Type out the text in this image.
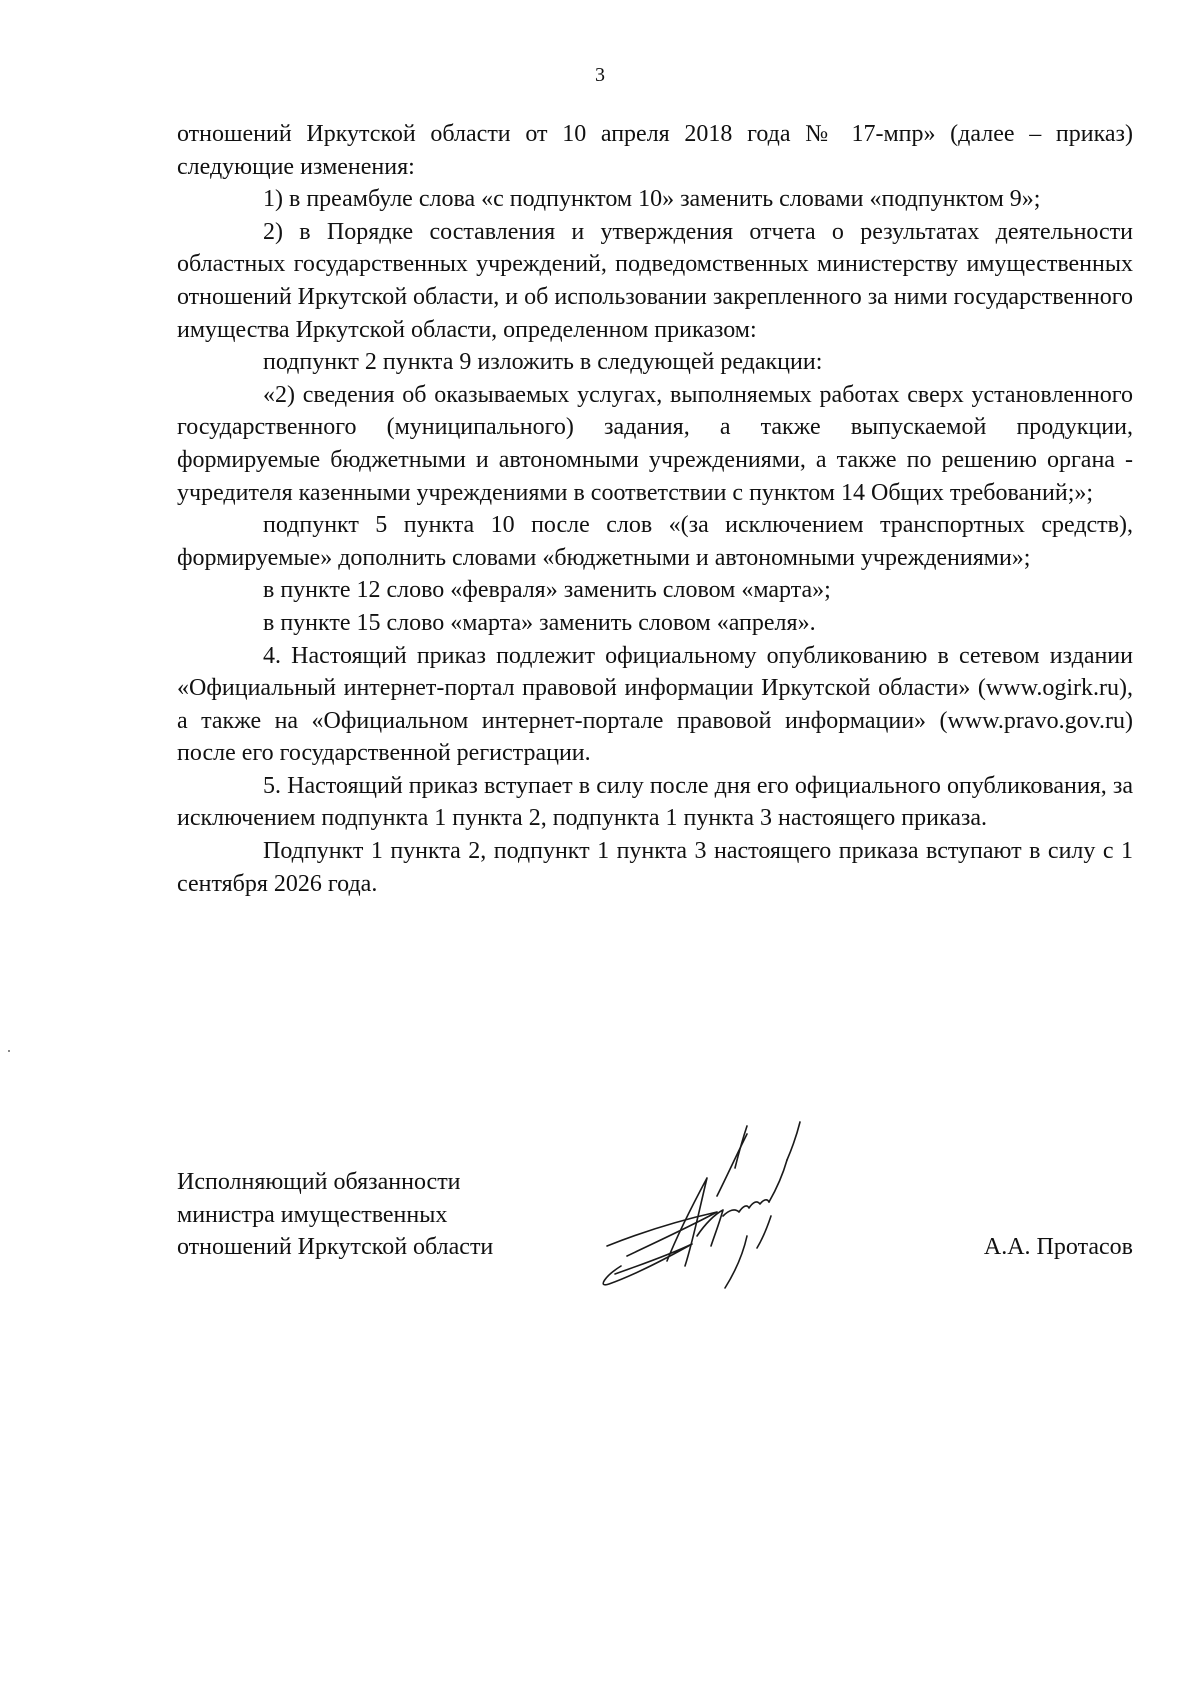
3

отношений Иркутской области от 10 апреля 2018 года № 17-мпр» (далее – приказ) следующие изменения:

1) в преамбуле слова «с подпунктом 10» заменить словами «подпунктом 9»;

2) в Порядке составления и утверждения отчета о результатах деятельности областных государственных учреждений, подведомственных министерству имущественных отношений Иркутской области, и об использовании закрепленного за ними государственного имущества Иркутской области, определенном приказом:

подпункт 2 пункта 9 изложить в следующей редакции:

«2) сведения об оказываемых услугах, выполняемых работах сверх установленного государственного (муниципального) задания, а также выпускаемой продукции, формируемые бюджетными и автономными учреждениями, а также по решению органа - учредителя казенными учреждениями в соответствии с пунктом 14 Общих требований;»;

подпункт 5 пункта 10 после слов «(за исключением транспортных средств), формируемые» дополнить словами «бюджетными и автономными учреждениями»;

в пункте 12 слово «февраля» заменить словом «марта»;

в пункте 15 слово «марта» заменить словом «апреля».

4. Настоящий приказ подлежит официальному опубликованию в сетевом издании «Официальный интернет-портал правовой информации Иркутской области» (www.ogirk.ru), а также на «Официальном интернет-портале правовой информации» (www.pravo.gov.ru) после его государственной регистрации.

5. Настоящий приказ вступает в силу после дня его официального опубликования, за исключением подпункта 1 пункта 2, подпункта 1 пункта 3 настоящего приказа.

Подпункт 1 пункта 2, подпункт 1 пункта 3 настоящего приказа вступают в силу с 1 сентября 2026 года.

Исполняющий обязанности
министра имущественных
отношений Иркутской области	А.А. Протасов
